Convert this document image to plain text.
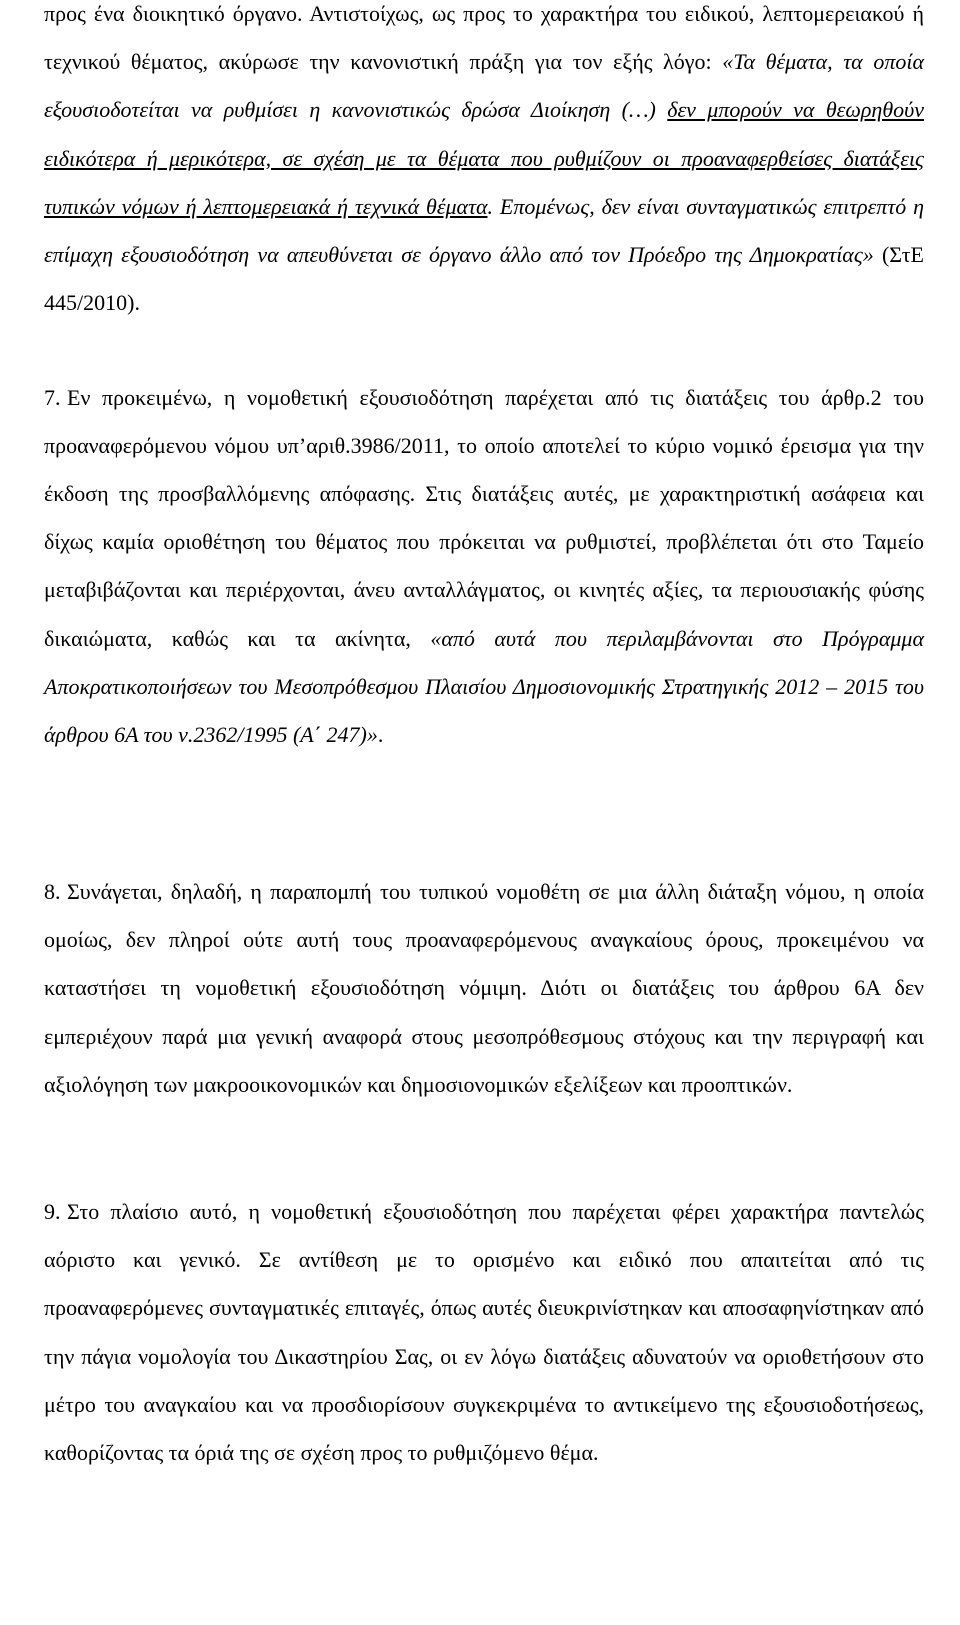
προς ένα διοικητικό όργανο. Αντιστοίχως, ως προς το χαρακτήρα του ειδικού, λεπτομερειακού ή τεχνικού θέματος, ακύρωσε την κανονιστική πράξη για τον εξής λόγο: «Τα θέματα, τα οποία εξουσιοδοτείται να ρυθμίσει η κανονιστικώς δρώσα Διοίκηση (…) δεν μπορούν να θεωρηθούν ειδικότερα ή μερικότερα, σε σχέση με τα θέματα που ρυθμίζουν οι προαναφερθείσες διατάξεις τυπικών νόμων ή λεπτομερειακά ή τεχνικά θέματα. Επομένως, δεν είναι συνταγματικώς επιτρεπτό η επίμαχη εξουσιοδότηση να απευθύνεται σε όργανο άλλο από τον Πρόεδρο της Δημοκρατίας» (ΣτΕ 445/2010).

7. Εν προκειμένω, η νομοθετική εξουσιοδότηση παρέχεται από τις διατάξεις του άρθρ.2 του προαναφερόμενου νόμου υπ’αριθ.3986/2011, το οποίο αποτελεί το κύριο νομικό έρεισμα για την έκδοση της προσβαλλόμενης απόφασης. Στις διατάξεις αυτές, με χαρακτηριστική ασάφεια και δίχως καμία οριοθέτηση του θέματος που πρόκειται να ρυθμιστεί, προβλέπεται ότι στο Ταμείο μεταβιβάζονται και περιέρχονται, άνευ ανταλλάγματος, οι κινητές αξίες, τα περιουσιακής φύσης δικαιώματα, καθώς και τα ακίνητα, «από αυτά που περιλαμβάνονται στο Πρόγραμμα Αποκρατικοποιήσεων του Μεσοπρόθεσμου Πλαισίου Δημοσιονομικής Στρατηγικής 2012 – 2015 του άρθρου 6Α του ν.2362/1995 (Α΄ 247)».

8. Συνάγεται, δηλαδή, η παραπομπή του τυπικού νομοθέτη σε μια άλλη διάταξη νόμου, η οποία ομοίως, δεν πληροί ούτε αυτή τους προαναφερόμενους αναγκαίους όρους, προκειμένου να καταστήσει τη νομοθετική εξουσιοδότηση νόμιμη. Διότι οι διατάξεις του άρθρου 6Α δεν εμπεριέχουν παρά μια γενική αναφορά στους μεσοπρόθεσμους στόχους και την περιγραφή και αξιολόγηση των μακροοικονομικών και δημοσιονομικών εξελίξεων και προοπτικών.

9. Στο πλαίσιο αυτό, η νομοθετική εξουσιοδότηση που παρέχεται φέρει χαρακτήρα παντελώς αόριστο και γενικό. Σε αντίθεση με το ορισμένο και ειδικό που απαιτείται από τις προαναφερόμενες συνταγματικές επιταγές, όπως αυτές διευκρινίστηκαν και αποσαφηνίστηκαν από την πάγια νομολογία του Δικαστηρίου Σας, οι εν λόγω διατάξεις αδυνατούν να οριοθετήσουν στο μέτρο του αναγκαίου και να προσδιορίσουν συγκεκριμένα το αντικείμενο της εξουσιοδοτήσεως, καθορίζοντας τα όριά της σε σχέση προς το ρυθμιζόμενο θέμα.
